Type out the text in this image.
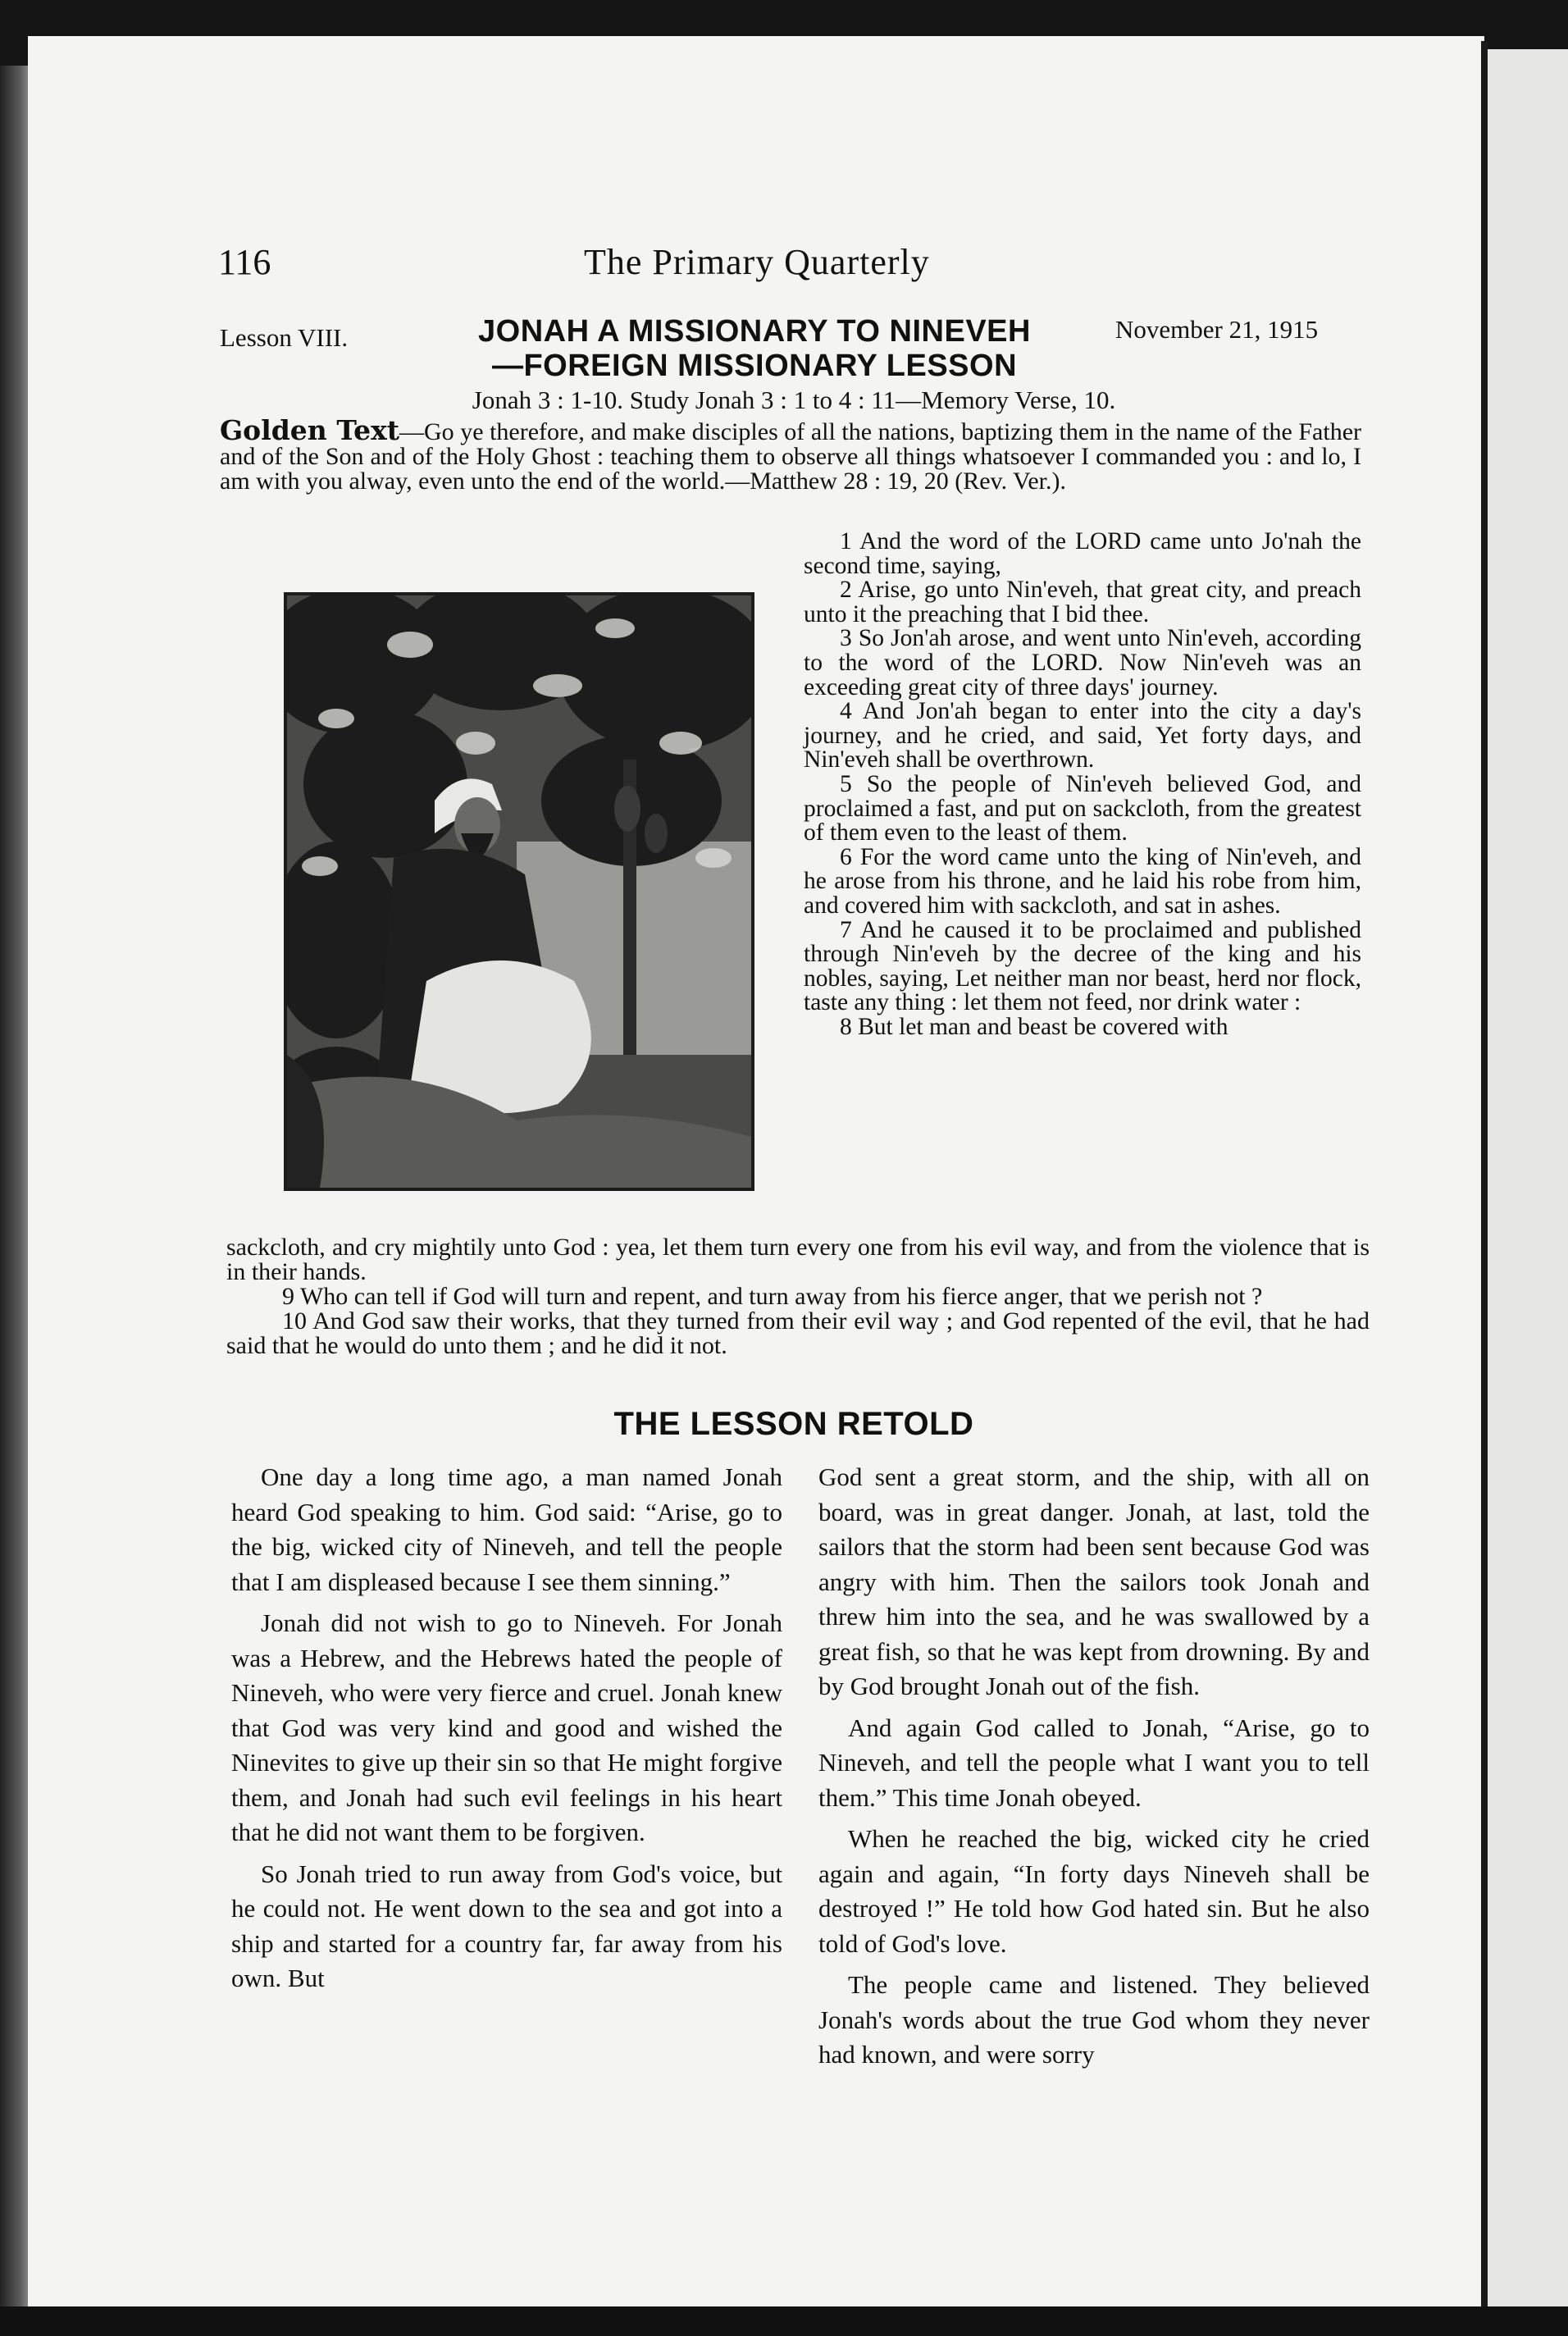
116	The Primary Quarterly
Lesson VIII.	JONAH A MISSIONARY TO NINEVEH
—FOREIGN MISSIONARY LESSON
November 21, 1915
Jonah 3 : 1-10. Study Jonah 3 : 1 to 4 : 11—Memory Verse, 10.
Golden Text—Go ye therefore, and make disciples of all the nations, baptizing them in the name of the Father and of the Son and of the Holy Ghost : teaching them to observe all things whatsoever I commanded you : and lo, I am with you alway, even unto the end of the world.—Matthew 28 : 19, 20 (Rev. Ver.).

1 And the word of the LORD came unto Jo'nah the second time, saying,

2 Arise, go unto Nin'eveh, that great city, and preach unto it the preaching that I bid thee.

3 So Jon'ah arose, and went unto Nin'eveh, according to the word of the LORD. Now Nin'eveh was an exceeding great city of three days' journey.

4 And Jon'ah began to enter into the city a day's journey, and he cried, and said, Yet forty days, and Nin'eveh shall be overthrown.

5 So the people of Nin'eveh believed God, and proclaimed a fast, and put on sackcloth, from the greatest of them even to the least of them.

6 For the word came unto the king of Nin'eveh, and he arose from his throne, and he laid his robe from him, and covered him with sackcloth, and sat in ashes.

7 And he caused it to be proclaimed and published through Nin'eveh by the decree of the king and his nobles, saying, Let neither man nor beast, herd nor flock, taste any thing : let them not feed, nor drink water :

8 But let man and beast be covered with

sackcloth, and cry mightily unto God : yea, let them turn every one from his evil way, and from the violence that is in their hands.

9 Who can tell if God will turn and repent, and turn away from his fierce anger, that we perish not ?

10 And God saw their works, that they turned from their evil way ; and God repented of the evil, that he had said that he would do unto them ; and he did it not.

THE LESSON RETOLD

One day a long time ago, a man named Jonah heard God speaking to him. God said: “Arise, go to the big, wicked city of Nineveh, and tell the people that I am displeased because I see them sinning.”

Jonah did not wish to go to Nineveh. For Jonah was a Hebrew, and the Hebrews hated the people of Nineveh, who were very fierce and cruel. Jonah knew that God was very kind and good and wished the Ninevites to give up their sin so that He might forgive them, and Jonah had such evil feelings in his heart that he did not want them to be forgiven.

So Jonah tried to run away from God's voice, but he could not. He went down to the sea and got into a ship and started for a country far, far away from his own. But

God sent a great storm, and the ship, with all on board, was in great danger. Jonah, at last, told the sailors that the storm had been sent because God was angry with him. Then the sailors took Jonah and threw him into the sea, and he was swallowed by a great fish, so that he was kept from drowning. By and by God brought Jonah out of the fish.

And again God called to Jonah, “Arise, go to Nineveh, and tell the people what I want you to tell them.” This time Jonah obeyed.

When he reached the big, wicked city he cried again and again, “In forty days Nineveh shall be destroyed !” He told how God hated sin. But he also told of God's love.

The people came and listened. They believed Jonah's words about the true God whom they never had known, and were sorry
